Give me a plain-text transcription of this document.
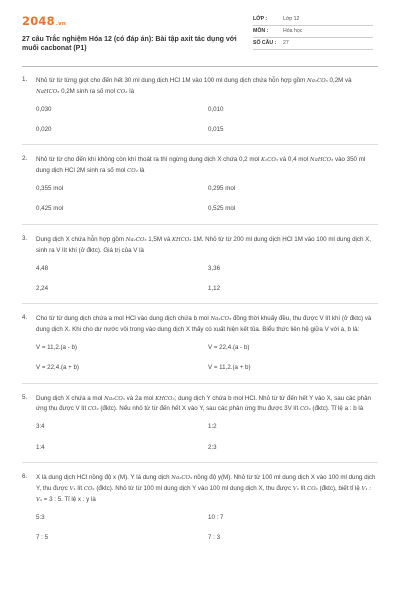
2048.vn
27 câu Trắc nghiệm Hóa 12 (có đáp án): Bài tập axit tác dụng với muối cacbonat (P1)
LỚP :	Lớp 12
MÔN :	Hóa học
SỐ CÂU :	27
1.	Nhỏ từ từ từng giọt cho đến hết 30 ml dung dịch HCl 1M vào 100 ml dung dịch chứa hỗn hợp gồm Na₂CO₃ 0,2M và NaHCO₃ 0,2M sinh ra số mol CO₂ là
0,030	0,010
0,020	0,015
2.	Nhỏ từ từ cho đến khi không còn khí thoát ra thì ngừng dung dịch X chứa 0,2 mol K₂CO₃ và 0,4 mol NaHCO₃ vào 350 ml dung dịch HCl 2M sinh ra số mol CO₂ là
0,355 mol	0,295 mol
0,425 mol	0,525 mol
3.	Dung dịch X chứa hỗn hợp gồm Na₂CO₃ 1,5M và KHCO₃ 1M. Nhỏ từ từ 200 ml dung dịch HCl 1M vào 100 ml dung dịch X, sinh ra V lít khí (ở đktc). Giá trị của V là
4,48	3,36
2,24	1,12
4.	Cho từ từ dung dịch chứa a mol HCl vào dung dịch chứa b mol Na₂CO₃ đồng thời khuấy đều, thu được V lít khí (ở đktc) và dung dịch X. Khi cho dư nước vôi trong vào dung dịch X thấy có xuất hiện kết tủa. Biểu thức liên hệ giữa V với a, b là:
V = 11,2.(a - b)	V = 22,4.(a - b)
V = 22,4.(a + b)	V = 11,2.(a + b)
5.	Dung dịch X chứa a mol Na₂CO₃ và 2a mol KHCO₃; dung dịch Y chứa b mol HCl. Nhỏ từ từ đến hết Y vào X, sau các phản ứng thu được V lít CO₂ (đktc). Nếu nhỏ từ từ đến hết X vào Y, sau các phản ứng thu được 3V lít CO₂ (đktc). Tỉ lệ a : b là
3:4	1:2
1:4	2:3
6.	X là dung dịch HCl nồng độ x (M). Y là dung dịch Na₂CO₃ nồng độ y(M). Nhỏ từ từ 100 ml dung dịch X vào 100 ml dung dịch Y, thu được V₁ lít CO₂ (đktc). Nhỏ từ từ 100 ml dung dịch Y vào 100 ml dung dịch X, thu được V₂ lít CO₂ (đktc), biết tỉ lệ V₁ : V₂ = 3 : 5. Tỉ lệ x : y là
5:3	10 : 7
7 : 5	7 : 3
